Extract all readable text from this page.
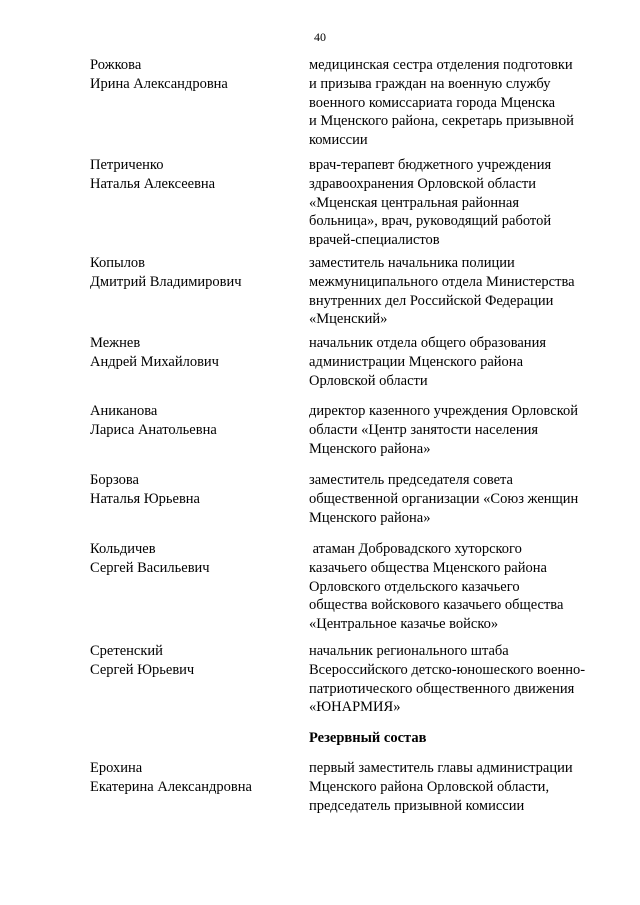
40
Рожкова
Ирина Александровна
медицинская сестра отделения подготовки
и призыва граждан на военную службу
военного комиссариата города Мценска
и Мценского района, секретарь призывной
комиссии
Петриченко
Наталья Алексеевна
врач-терапевт бюджетного учреждения
здравоохранения Орловской области
«Мценская центральная районная
больница», врач, руководящий работой
врачей-специалистов
Копылов
Дмитрий Владимирович
заместитель начальника полиции
межмуниципального отдела Министерства
внутренних дел Российской Федерации
«Мценский»
Межнев
Андрей Михайлович
начальник отдела общего образования
администрации Мценского района
Орловской области
Аниканова
Лариса Анатольевна
директор казенного учреждения Орловской
области «Центр занятости населения
Мценского района»
Борзова
Наталья Юрьевна
заместитель председателя совета
общественной организации «Союз женщин
Мценского района»
Кольдичев
Сергей Васильевич
атаман Добровадского хуторского
казачьего общества Мценского района
Орловского отдельского казачьего
общества войскового казачьего общества
«Центральное казачье войско»
Сретенский
Сергей Юрьевич
начальник регионального штаба
Всероссийского детско-юношеского военно-
патриотического общественного движения
«ЮНАРМИЯ»
Резервный состав
Ерохина
Екатерина Александровна
первый заместитель главы администрации
Мценского района Орловской области,
председатель призывной комиссии
